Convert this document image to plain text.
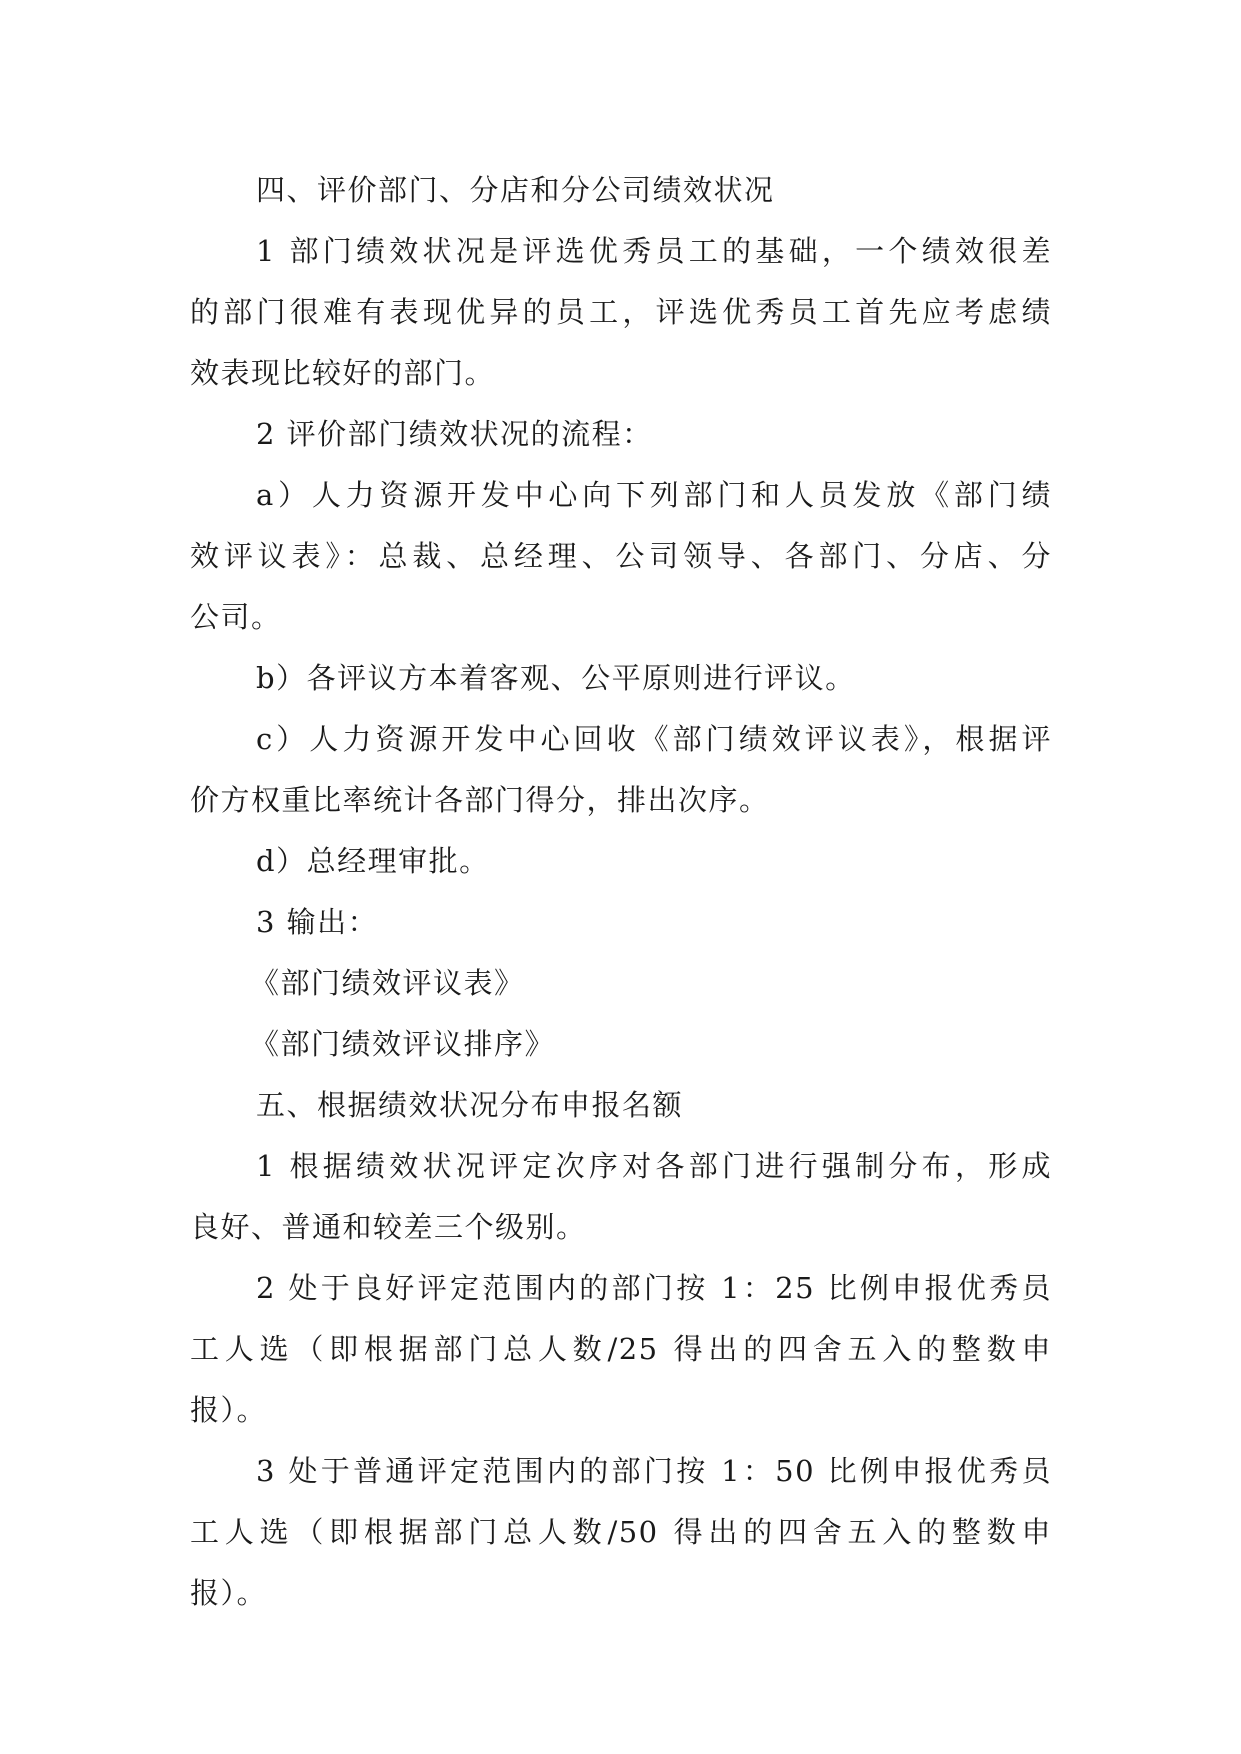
四、评价部门、分店和分公司绩效状况
1 部门绩效状况是评选优秀员工的基础，一个绩效很差
的部门很难有表现优异的员工，评选优秀员工首先应考虑绩
效表现比较好的部门。
2 评价部门绩效状况的流程：
a）人力资源开发中心向下列部门和人员发放《部门绩
效评议表》：总裁、总经理、公司领导、各部门、分店、分
公司。
b）各评议方本着客观、公平原则进行评议。
c）人力资源开发中心回收《部门绩效评议表》，根据评
价方权重比率统计各部门得分，排出次序。
d）总经理审批。
3 输出：
《部门绩效评议表》
《部门绩效评议排序》
五、根据绩效状况分布申报名额
1 根据绩效状况评定次序对各部门进行强制分布，形成
良好、普通和较差三个级别。
2 处于良好评定范围内的部门按 1：25 比例申报优秀员
工人选（即根据部门总人数/25 得出的四舍五入的整数申
报）。
3 处于普通评定范围内的部门按 1：50 比例申报优秀员
工人选（即根据部门总人数/50 得出的四舍五入的整数申
报）。
